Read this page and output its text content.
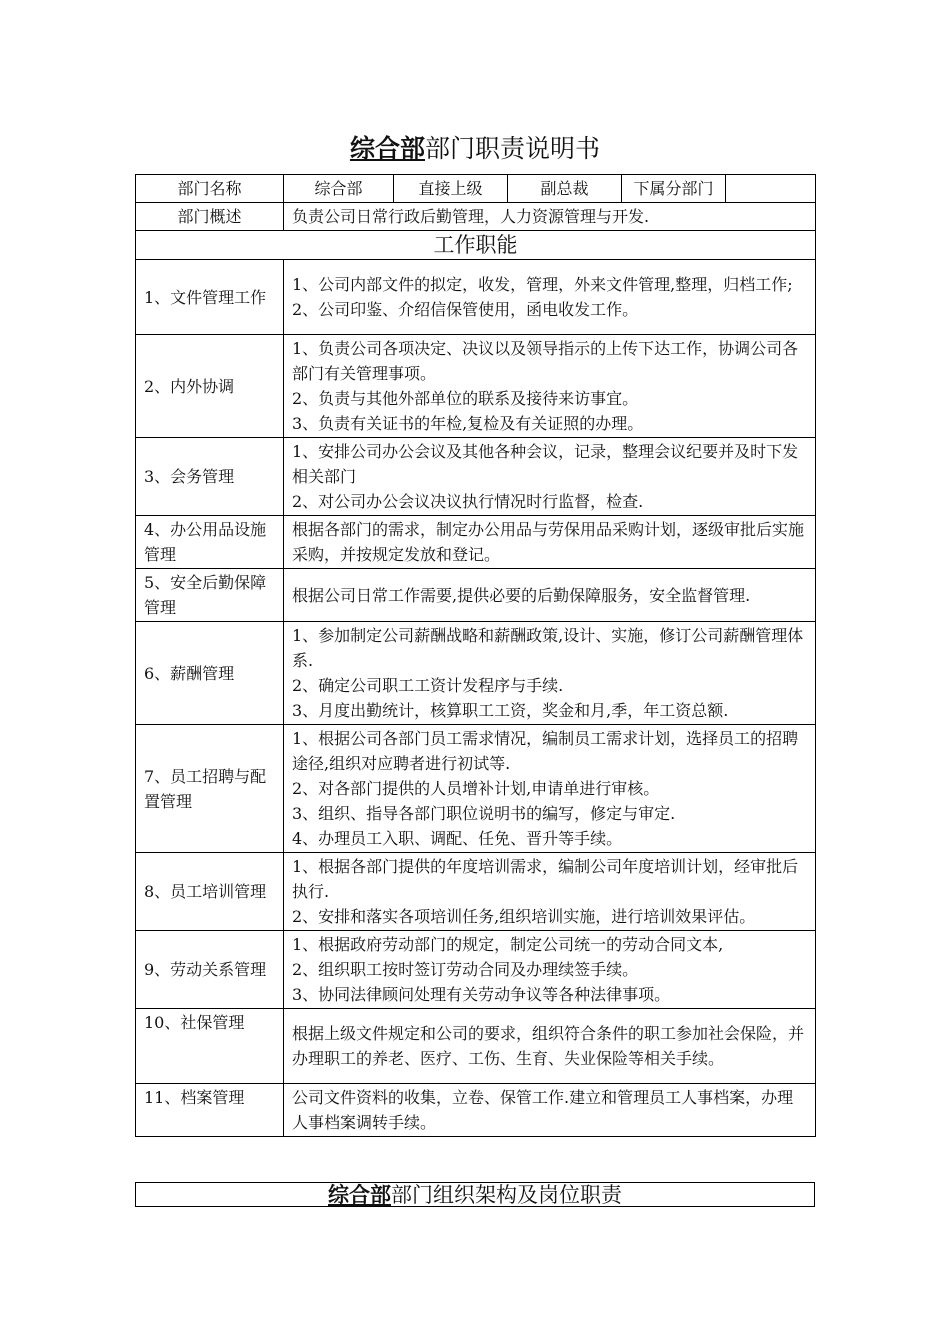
综合部部门职责说明书
部门名称	综合部	直接上级	副总裁	下属分部门	
部门概述	负责公司日常行政后勤管理，人力资源管理与开发.				
工作职能					
1、文件管理工作	1、公司内部文件的拟定，收发，管理，外来文件管理,整理，归档工作;
2、公司印鉴、介绍信保管使用，函电收发工作。				

2、内外协调	1、负责公司各项决定、决议以及领导指示的上传下达工作，协调公司各部门有关管理事项。
2、负责与其他外部单位的联系及接待来访事宜。
3、负责有关证书的年检,复检及有关证照的办理。				

3、会务管理	1、安排公司办公会议及其他各种会议，记录，整理会议纪要并及时下发相关部门
2、对公司办公会议决议执行情况时行监督，检查.				

4、办公用品设施管理	根据各部门的需求，制定办公用品与劳保用品采购计划，逐级审批后实施采购，并按规定发放和登记。				

5、安全后勤保障管理	根据公司日常工作需要,提供必要的后勤保障服务，安全监督管理.				

6、薪酬管理	1、参加制定公司薪酬战略和薪酬政策,设计、实施，修订公司薪酬管理体系.
2、确定公司职工工资计发程序与手续.
3、月度出勤统计，核算职工工资，奖金和月,季，年工资总额.				

7、员工招聘与配置管理	1、根据公司各部门员工需求情况，编制员工需求计划，选择员工的招聘途径,组织对应聘者进行初试等.
2、对各部门提供的人员增补计划,申请单进行审核。
3、组织、指导各部门职位说明书的编写，修定与审定.
4、办理员工入职、调配、任免、晋升等手续。				

8、员工培训管理	1、根据各部门提供的年度培训需求，编制公司年度培训计划，经审批后执行.
2、安排和落实各项培训任务,组织培训实施，进行培训效果评估。				

9、劳动关系管理	1、根据政府劳动部门的规定，制定公司统一的劳动合同文本,
2、组织职工按时签订劳动合同及办理续签手续。
3、协同法律顾问处理有关劳动争议等各种法律事项。				

10、社保管理	根据上级文件规定和公司的要求，组织符合条件的职工参加社会保险，并办理职工的养老、医疗、工伤、生育、失业保险等相关手续。				

11、档案管理	公司文件资料的收集，立卷、保管工作.建立和管理员工人事档案，办理人事档案调转手续。				
综合部部门组织架构及岗位职责
